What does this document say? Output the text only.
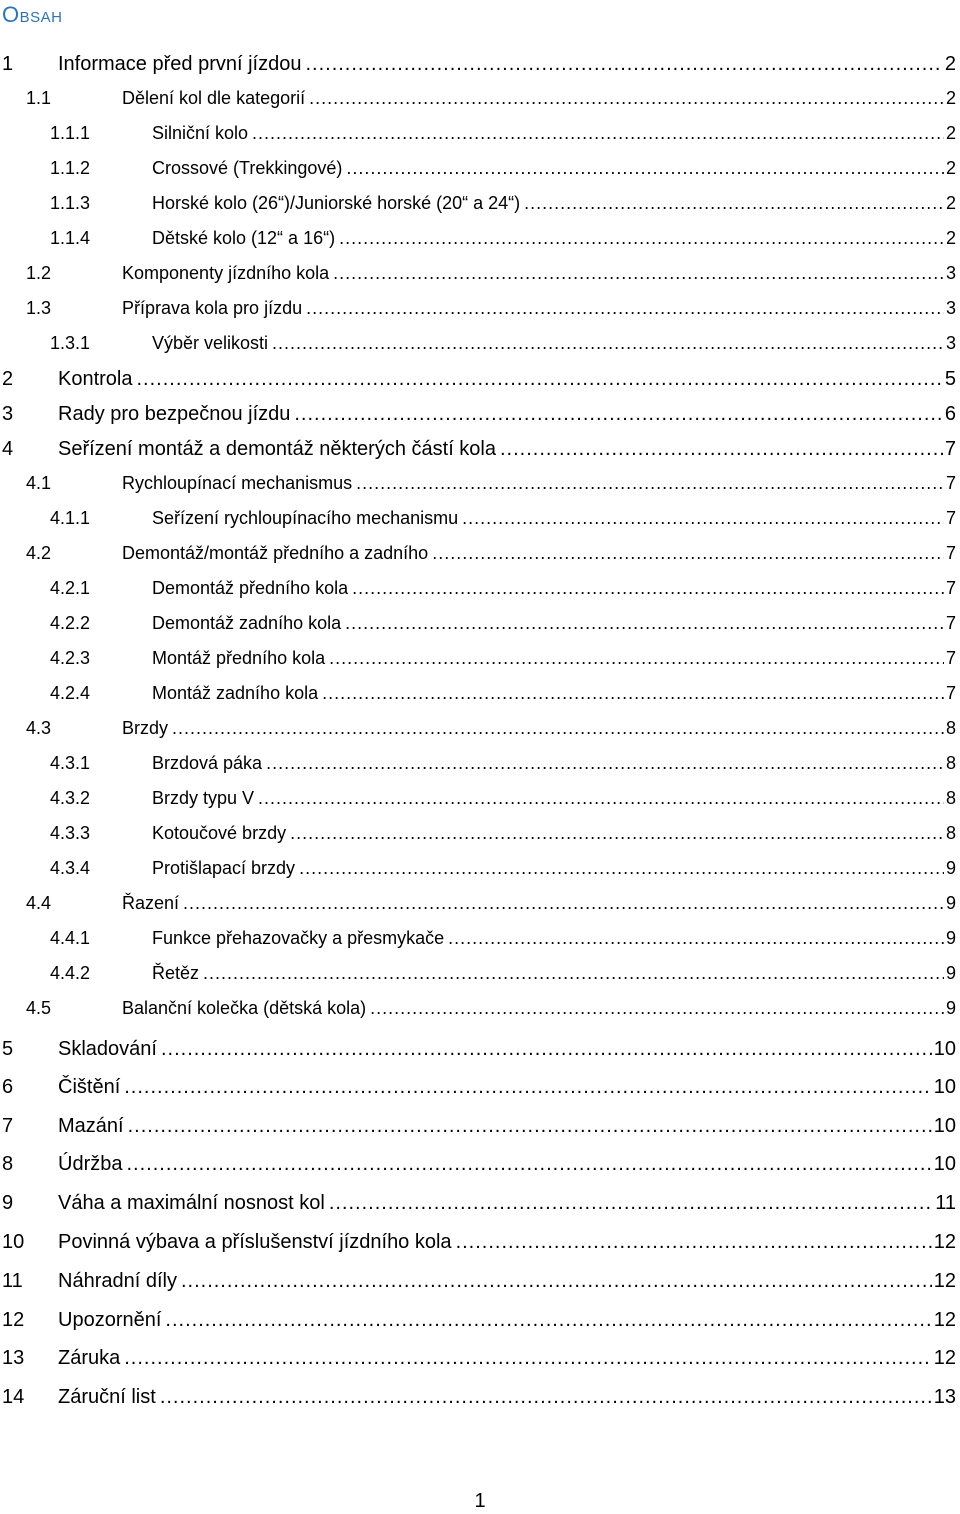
Obsah
1 Informace před první jízdou .....	2
1.1	Dělení kol dle kategorií .....	2
1.1.1	Silniční kolo .....	2
1.1.2	Crossové (Trekkingové) .....	2
1.1.3	Horské kolo (26“)/Juniorské horské (20“ a 24“) .....	2
1.1.4	Dětské kolo (12“ a 16“) .....	2
1.2	Komponenty jízdního kola .....	3
1.3	Příprava kola pro jízdu .....	3
1.3.1	Výběr velikosti .....	3
2 Kontrola .....	5
3 Rady pro bezpečnou jízdu .....	6
4 Seřízení montáž a demontáž některých částí kola .....	7
4.1	Rychloupínací mechanismus .....	7
4.1.1	Seřízení rychloupínacího mechanismu .....	7
4.2	Demontáž/montáž předního a zadního .....	7
4.2.1	Demontáž předního kola .....	7
4.2.2	Demontáž zadního kola .....	7
4.2.3	Montáž předního kola .....	7
4.2.4	Montáž zadního kola .....	7
4.3	Brzdy .....	8
4.3.1	Brzdová páka .....	8
4.3.2	Brzdy typu V .....	8
4.3.3	Kotoučové brzdy .....	8
4.3.4	Protišlapací brzdy .....	9
4.4	Řazení .....	9
4.4.1	Funkce přehazovačky a přesmykače .....	9
4.4.2	Řetěz .....	9
4.5	Balanční kolečka (dětská kola) .....	9
5 Skladování .....	10
6 Čištění .....	10
7 Mazání .....	10
8 Údržba .....	10
9 Váha a maximální nosnost kol .....	11
10 Povinná výbava a příslušenství jízdního kola .....	12
11 Náhradní díly .....	12
12 Upozornění .....	12
13 Záruka .....	12
14 Záruční list .....	13
1
